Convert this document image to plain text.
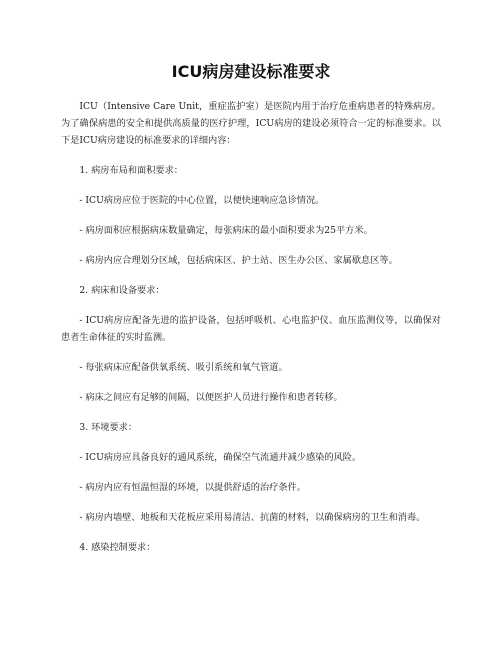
ICU病房建设标准要求

ICU（Intensive Care Unit，重症监护室）是医院内用于治疗危重病患者的特殊病房。为了确保病患的安全和提供高质量的医疗护理，ICU病房的建设必须符合一定的标准要求。以下是ICU病房建设的标准要求的详细内容：

1. 病房布局和面积要求：

- ICU病房应位于医院的中心位置，以便快速响应急诊情况。

- 病房面积应根据病床数量确定，每张病床的最小面积要求为25平方米。

- 病房内应合理划分区域，包括病床区、护士站、医生办公区、家属歇息区等。

2. 病床和设备要求：

- ICU病房应配备先进的监护设备，包括呼吸机、心电监护仪、血压监测仪等，以确保对患者生命体征的实时监测。

- 每张病床应配备供氧系统、吸引系统和氧气管道。

- 病床之间应有足够的间隔，以便医护人员进行操作和患者转移。

3. 环境要求：

- ICU病房应具备良好的通风系统，确保空气流通并减少感染的风险。

- 病房内应有恒温恒湿的环境，以提供舒适的治疗条件。

- 病房内墙壁、地板和天花板应采用易清洁、抗菌的材料，以确保病房的卫生和消毒。

4. 感染控制要求：
